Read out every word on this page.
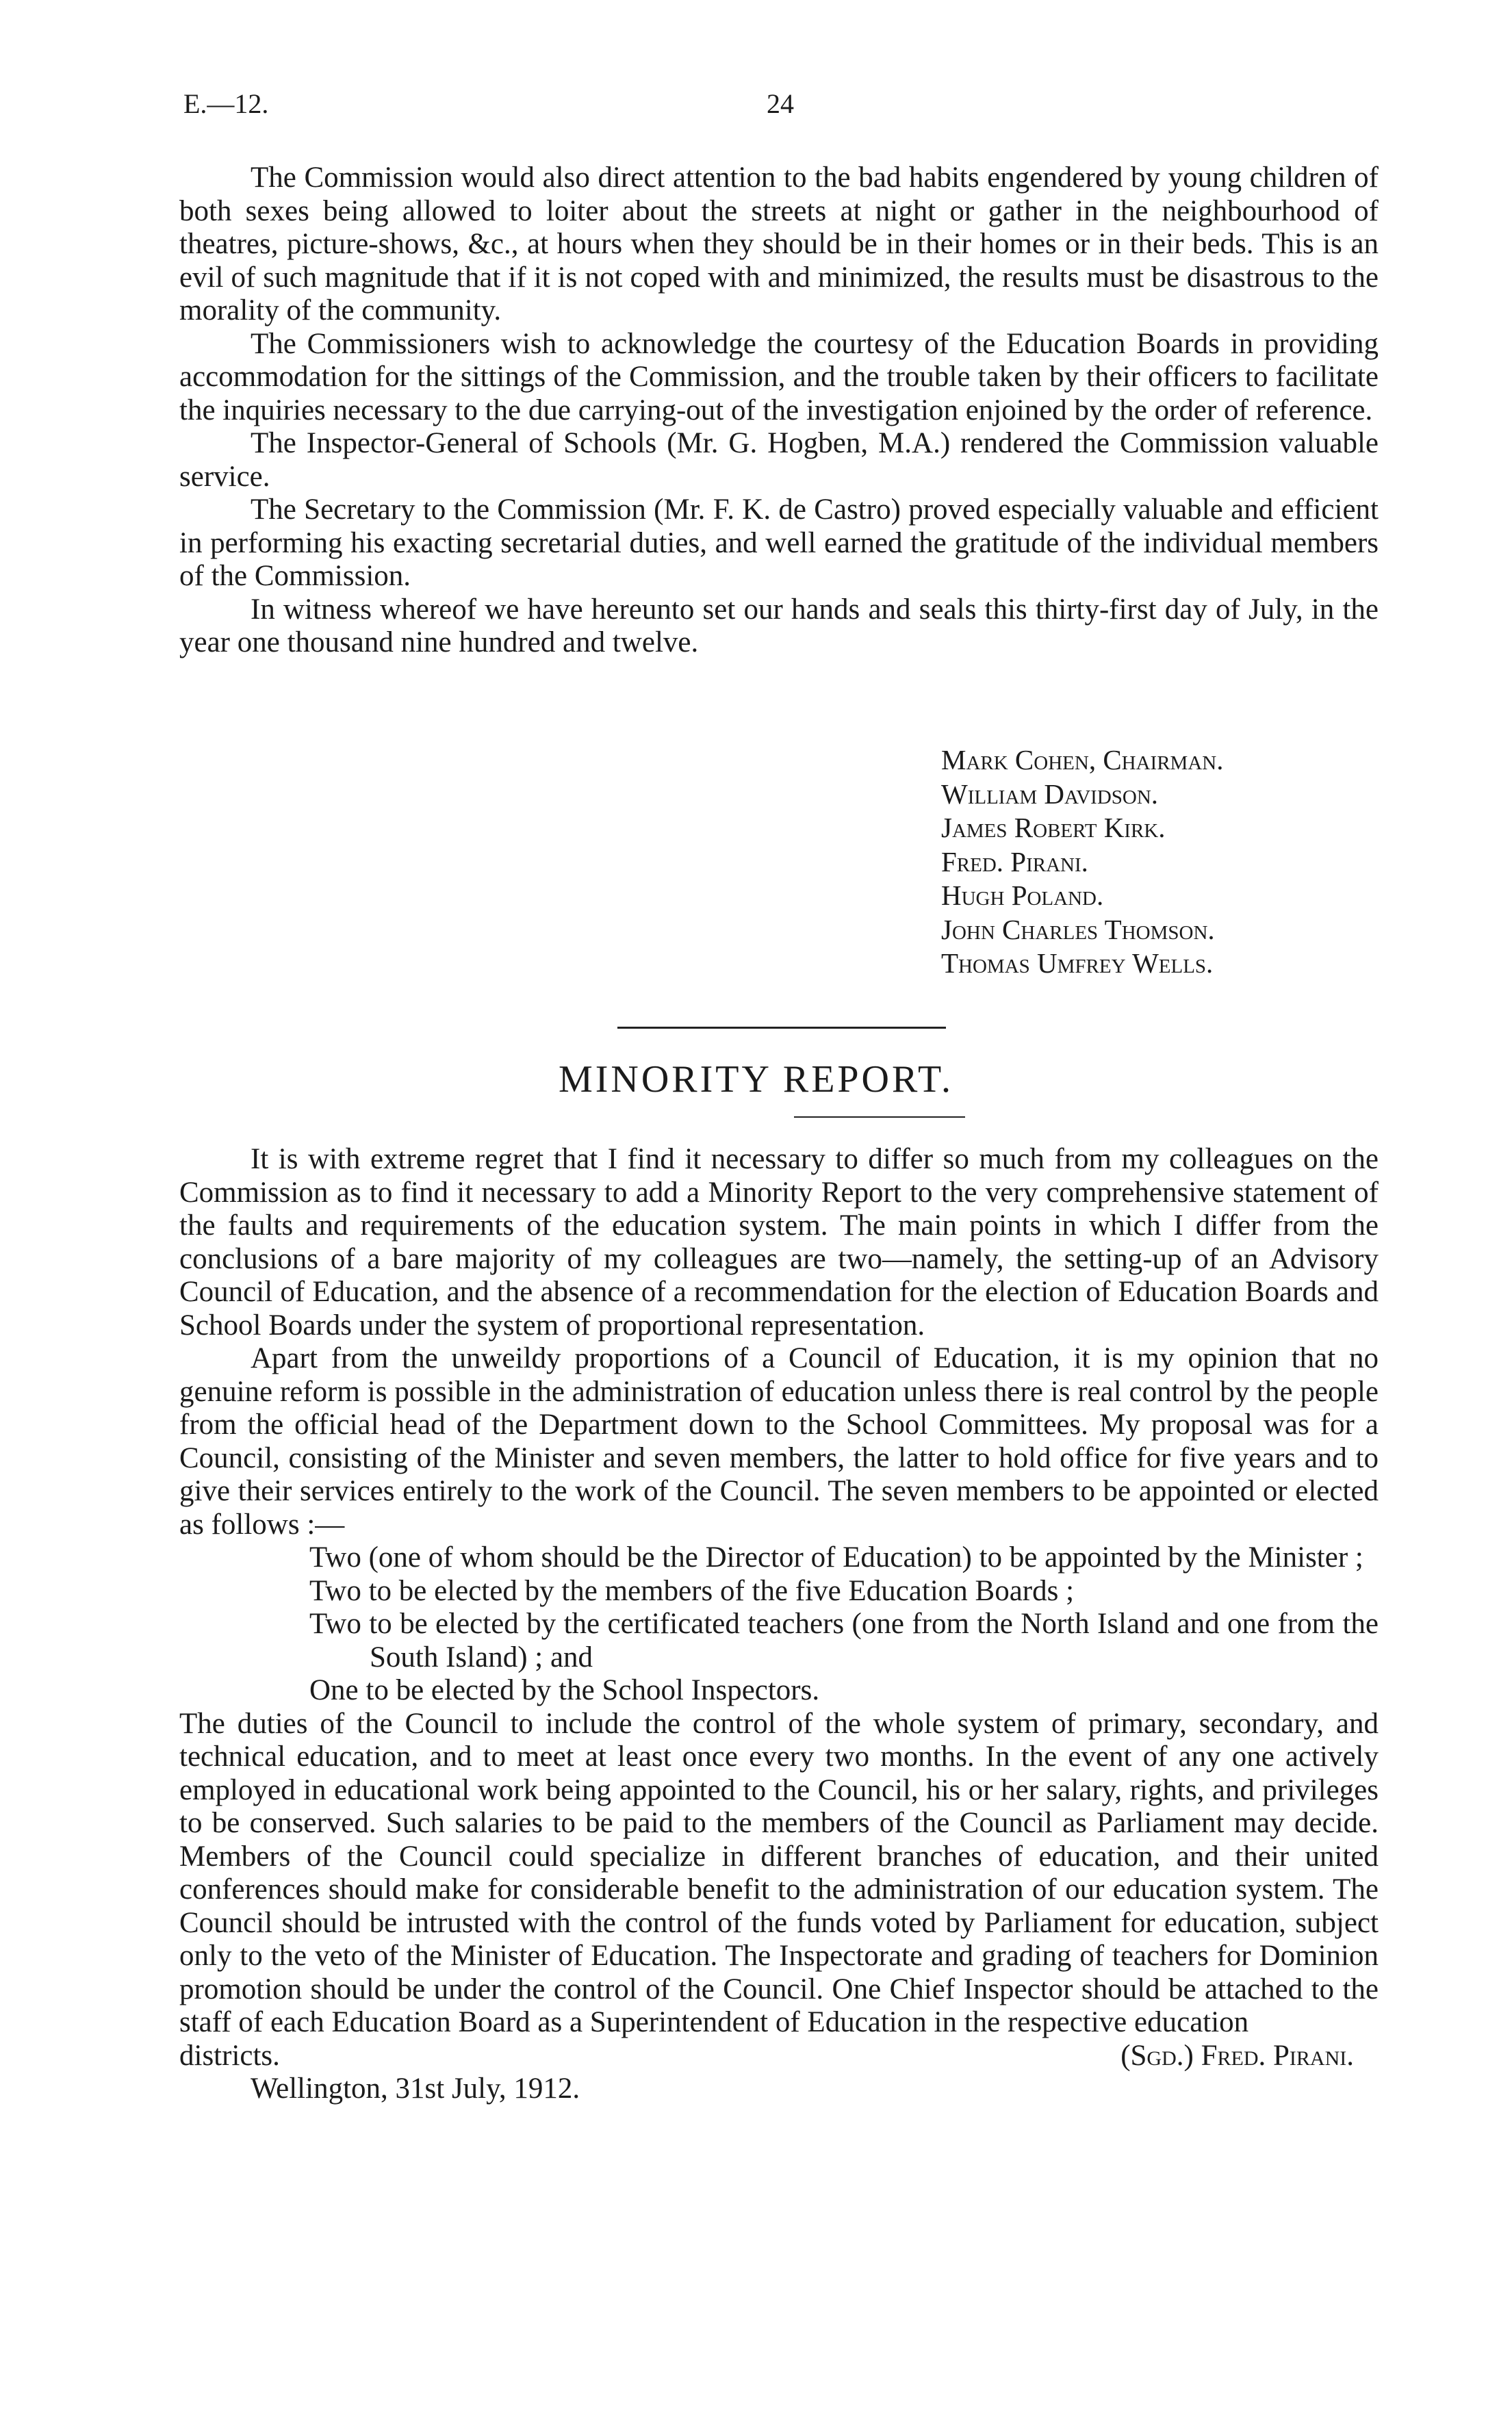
E.—12.	24

The Commission would also direct attention to the bad habits engendered by young children of both sexes being allowed to loiter about the streets at night or gather in the neighbourhood of theatres, picture-shows, &c., at hours when they should be in their homes or in their beds. This is an evil of such magnitude that if it is not coped with and minimized, the results must be disastrous to the morality of the community.

The Commissioners wish to acknowledge the courtesy of the Education Boards in providing accommodation for the sittings of the Commission, and the trouble taken by their officers to facilitate the inquiries necessary to the due carrying-out of the investigation enjoined by the order of reference.

The Inspector-General of Schools (Mr. G. Hogben, M.A.) rendered the Commission valuable service.

The Secretary to the Commission (Mr. F. K. de Castro) proved especially valuable and efficient in performing his exacting secretarial duties, and well earned the gratitude of the individual members of the Commission.

In witness whereof we have hereunto set our hands and seals this thirty-first day of July, in the year one thousand nine hundred and twelve.

Mark Cohen, Chairman.
William Davidson.
James Robert Kirk.
Fred. Pirani.
Hugh Poland.
John Charles Thomson.
Thomas Umfrey Wells.
MINORITY REPORT.

It is with extreme regret that I find it necessary to differ so much from my colleagues on the Commission as to find it necessary to add a Minority Report to the very comprehensive statement of the faults and requirements of the education system. The main points in which I differ from the conclusions of a bare majority of my colleagues are two—namely, the setting-up of an Advisory Council of Education, and the absence of a recommendation for the election of Education Boards and School Boards under the system of proportional representation.

Apart from the unweildy proportions of a Council of Education, it is my opinion that no genuine reform is possible in the administration of education unless there is real control by the people from the official head of the Department down to the School Committees. My proposal was for a Council, consisting of the Minister and seven members, the latter to hold office for five years and to give their services entirely to the work of the Council. The seven members to be appointed or elected as follows :—

Two (one of whom should be the Director of Education) to be appointed by the Minister ;

Two to be elected by the members of the five Education Boards ;

Two to be elected by the certificated teachers (one from the North Island and one from the South Island) ; and

One to be elected by the School Inspectors.

The duties of the Council to include the control of the whole system of primary, secondary, and technical education, and to meet at least once every two months. In the event of any one actively employed in educational work being appointed to the Council, his or her salary, rights, and privileges to be conserved. Such salaries to be paid to the members of the Council as Parliament may decide. Members of the Council could specialize in different branches of education, and their united conferences should make for considerable benefit to the administration of our education system. The Council should be intrusted with the control of the funds voted by Parliament for education, subject only to the veto of the Minister of Education. The Inspectorate and grading of teachers for Dominion promotion should be under the control of the Council. One Chief Inspector should be attached to the staff of each Education Board as a Superintendent of Education in the respective education

districts.	(Sgd.) Fred. Pirani.

Wellington, 31st July, 1912.
